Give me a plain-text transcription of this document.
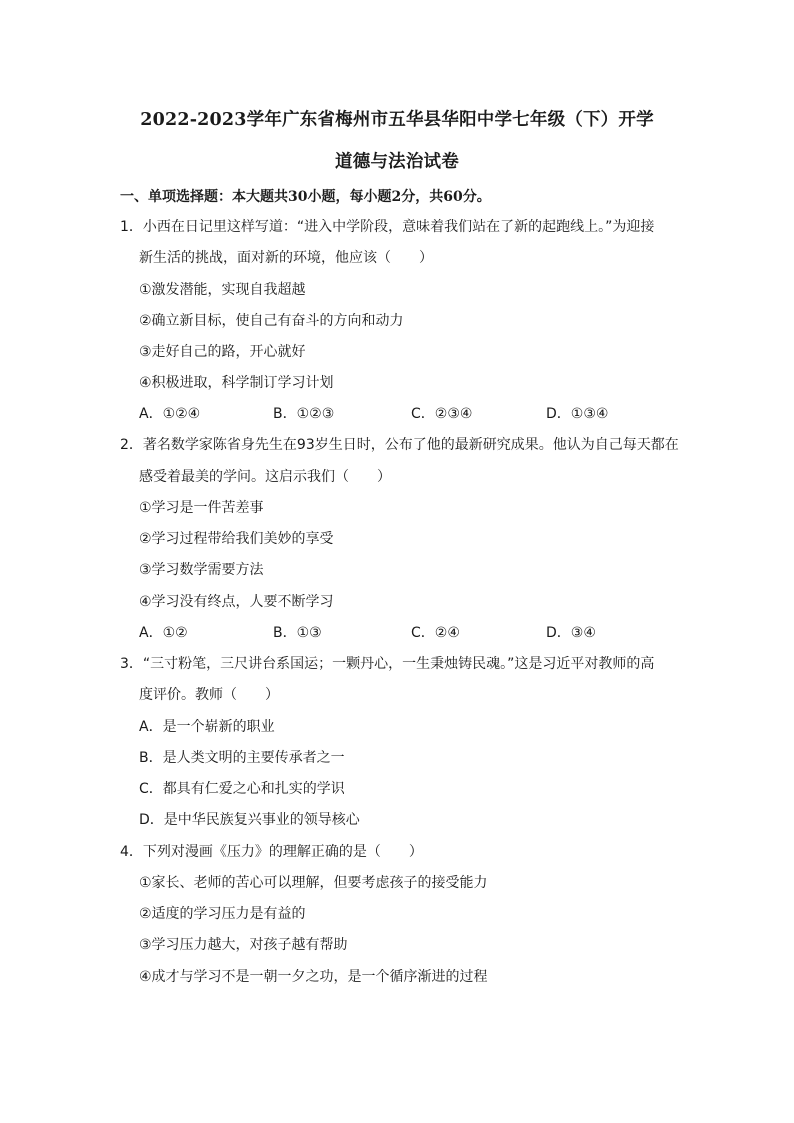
2022-2023学年广东省梅州市五华县华阳中学七年级（下）开学
道德与法治试卷
一、单项选择题：本大题共30小题，每小题2分，共60分。
1．小西在日记里这样写道：“进入中学阶段，意味着我们站在了新的起跑线上。”为迎接
新生活的挑战，面对新的环境，他应该（　　）
①激发潜能，实现自我超越
②确立新目标，使自己有奋斗的方向和动力
③走好自己的路，开心就好
④积极进取，科学制订学习计划
A．①②④	B．①②③	C．②③④	D．①③④
2．著名数学家陈省身先生在93岁生日时，公布了他的最新研究成果。他认为自己每天都在
感受着最美的学问。这启示我们（　　）
①学习是一件苦差事
②学习过程带给我们美妙的享受
③学习数学需要方法
④学习没有终点，人要不断学习
A．①②	B．①③	C．②④	D．③④
3．“三寸粉笔，三尺讲台系国运；一颗丹心，一生秉烛铸民魂。”这是习近平对教师的高
度评价。教师（　　）
A．是一个崭新的职业
B．是人类文明的主要传承者之一
C．都具有仁爱之心和扎实的学识
D．是中华民族复兴事业的领导核心
4．下列对漫画《压力》的理解正确的是（　　）
①家长、老师的苦心可以理解，但要考虑孩子的接受能力
②适度的学习压力是有益的
③学习压力越大，对孩子越有帮助
④成才与学习不是一朝一夕之功，是一个循序渐进的过程
